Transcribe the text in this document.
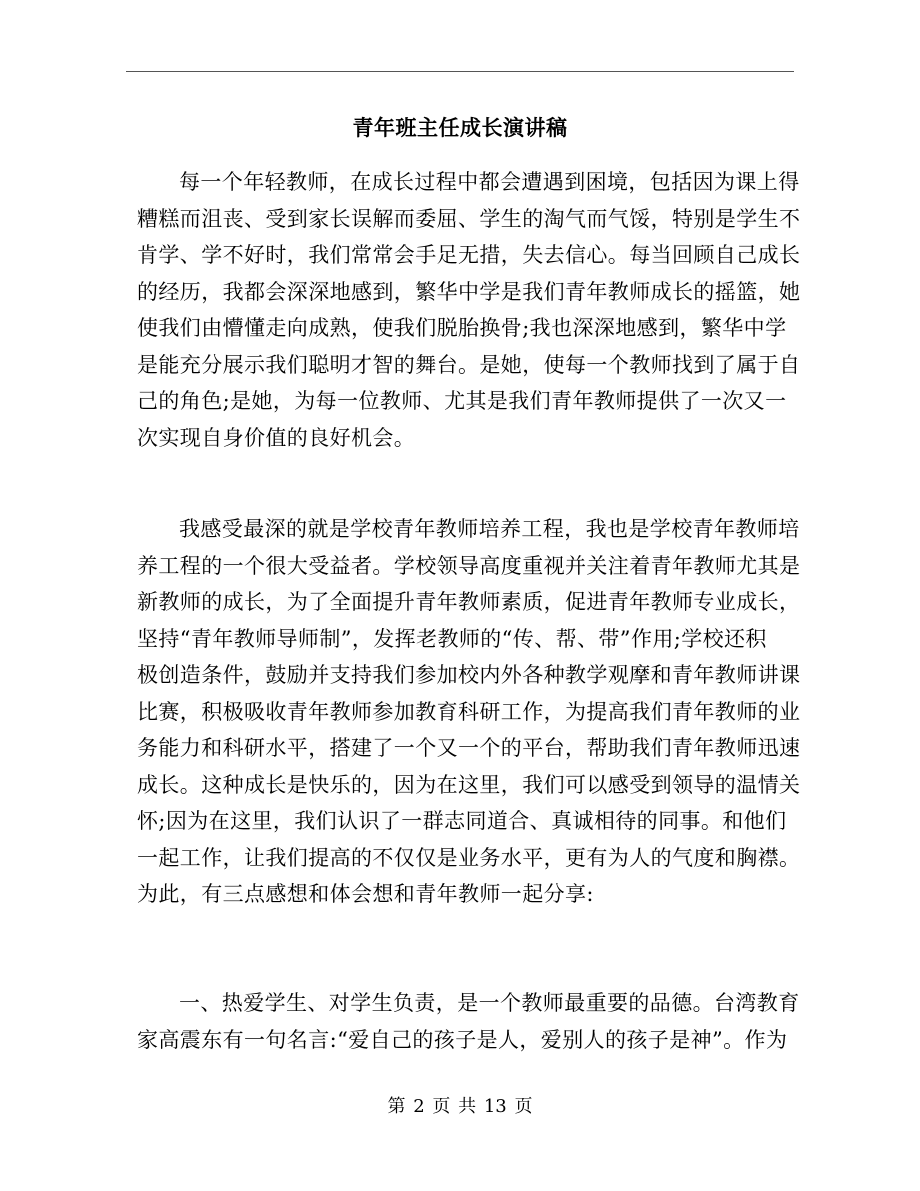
青年班主任成长演讲稿
每一个年轻教师，在成长过程中都会遭遇到困境，包括因为课上得
糟糕而沮丧、受到家长误解而委屈、学生的淘气而气馁，特别是学生不
肯学、学不好时，我们常常会手足无措，失去信心。每当回顾自己成长
的经历，我都会深深地感到，繁华中学是我们青年教师成长的摇篮，她
使我们由懵懂走向成熟，使我们脱胎换骨;我也深深地感到，繁华中学
是能充分展示我们聪明才智的舞台。是她，使每一个教师找到了属于自
己的角色;是她，为每一位教师、尤其是我们青年教师提供了一次又一
次实现自身价值的良好机会。
我感受最深的就是学校青年教师培养工程，我也是学校青年教师培
养工程的一个很大受益者。学校领导高度重视并关注着青年教师尤其是
新教师的成长，为了全面提升青年教师素质，促进青年教师专业成长，
坚持“青年教师导师制”，发挥老教师的“传、帮、带”作用;学校还积
极创造条件，鼓励并支持我们参加校内外各种教学观摩和青年教师讲课
比赛，积极吸收青年教师参加教育科研工作，为提高我们青年教师的业
务能力和科研水平，搭建了一个又一个的平台，帮助我们青年教师迅速
成长。这种成长是快乐的，因为在这里，我们可以感受到领导的温情关
怀;因为在这里，我们认识了一群志同道合、真诚相待的同事。和他们
一起工作，让我们提高的不仅仅是业务水平，更有为人的气度和胸襟。
为此，有三点感想和体会想和青年教师一起分享:
一、热爱学生、对学生负责，是一个教师最重要的品德。台湾教育
家高震东有一句名言:“爱自己的孩子是人，爱别人的孩子是神”。作为
第 2 页 共 13 页
